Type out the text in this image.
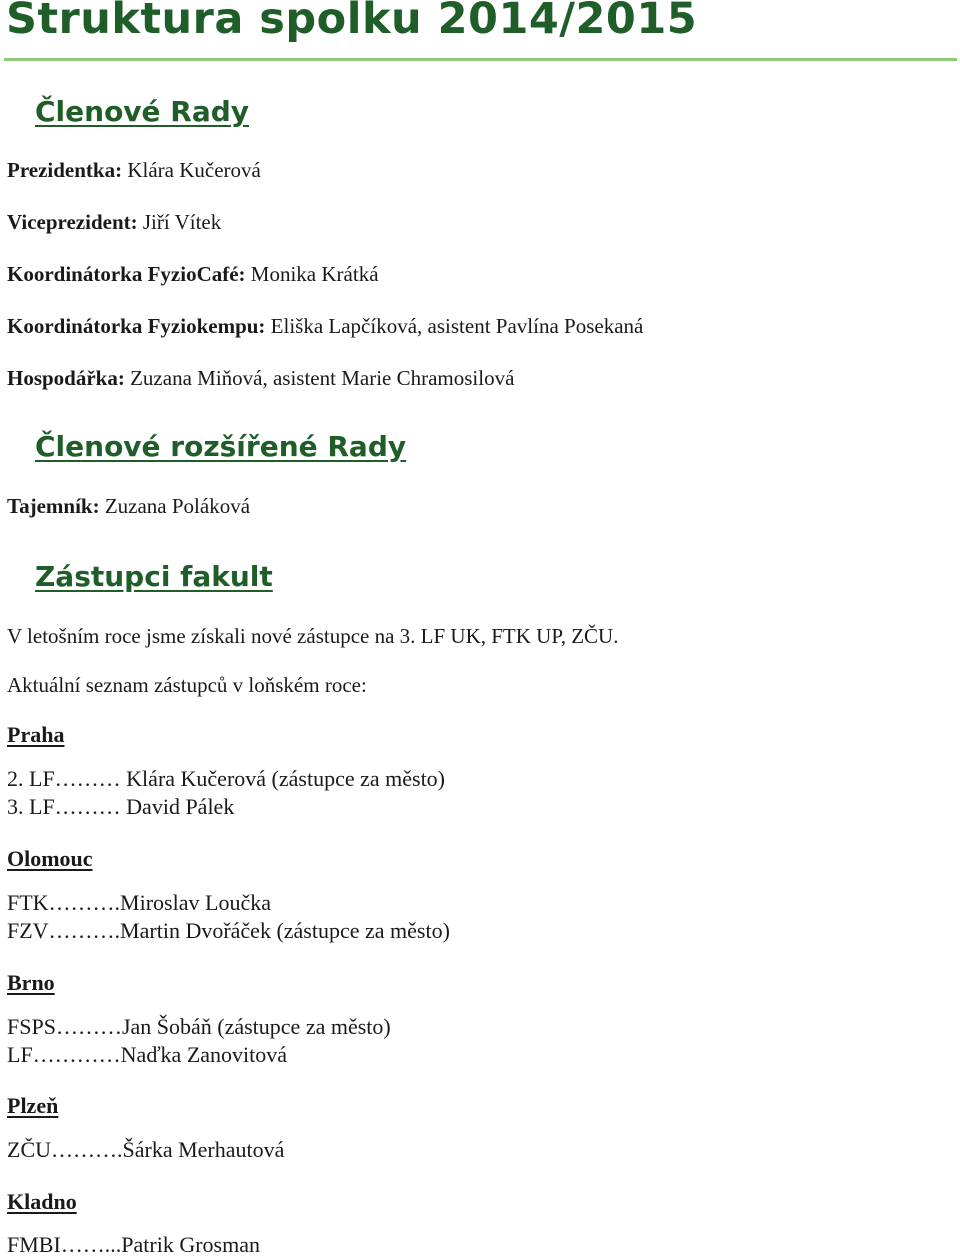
Struktura spolku 2014/2015
Členové Rady
Prezidentka: Klára Kučerová
Viceprezident: Jiří Vítek
Koordinátorka FyzioCafé: Monika Krátká
Koordinátorka Fyziokempu: Eliška Lapčíková, asistent Pavlína Posekaná
Hospodářka: Zuzana Miňová, asistent Marie Chramosilová
Členové rozšířené Rady
Tajemník: Zuzana Poláková
Zástupci fakult
V letošním roce jsme získali nové zástupce na 3. LF UK, FTK UP, ZČU.
Aktuální seznam zástupců v loňském roce:
Praha
2. LF……… Klára Kučerová (zástupce za město)
3. LF……… David Pálek
Olomouc
FTK……….Miroslav Loučka
FZV……….Martin Dvořáček (zástupce za město)
Brno
FSPS………Jan Šobáň (zástupce za město)
LF…………Naďka Zanovitová
Plzeň
ZČU……….Šárka Merhautová
Kladno
FMBI……...Patrik Grosman
